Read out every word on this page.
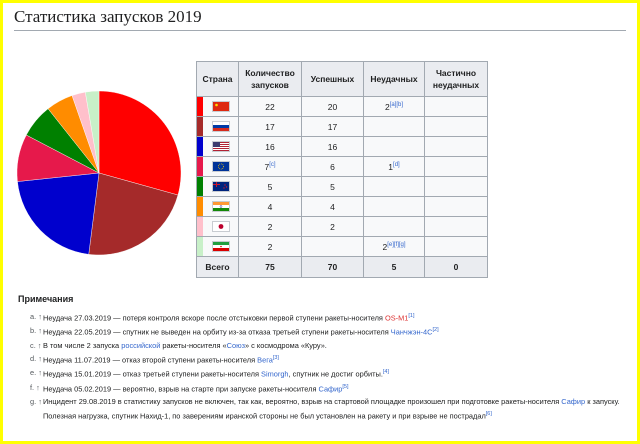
Статистика запусков 2019
Страна	Количество запусков	Успешных	Неудачных	Частично неудачных

	22	20	2[a][b]	

	17	17		

	16	16		

	7[c]	6	1[d]	

	5	5		

	4	4		

	2	2		

	2		2[e][f][g]	
Всего	75	70	5	0
Примечания
a. ↑ Неудача 27.03.2019 — потеря контроля вскоре после отстыковки первой ступени ракеты-носителя OS-M1[1]
b. ↑ Неудача 22.05.2019 — спутник не выведен на орбиту из-за отказа третьей ступени ракеты-носителя Чанчжэн-4С[2]
c. ↑ В том числе 2 запуска российской ракеты-носителя «Союз» с космодрома «Куру».
d. ↑ Неудача 11.07.2019 — отказ второй ступени ракеты-носителя Вега[3]
e. ↑ Неудача 15.01.2019 — отказ третьей ступени ракеты-носителя Simorgh, спутник не достиг орбиты.[4]
f. ↑ Неудача 05.02.2019 — вероятно, взрыв на старте при запуске ракеты-носителя Сафир[5]
g. ↑ Инцидент 29.08.2019 в статистику запусков не включен, так как, вероятно, взрыв на стартовой площадке произошел при подготовке ракеты-носителя Сафир к запуску. Полезная нагрузка, спутник Нахид-1, по заверениям иранской стороны не был установлен на ракету и при взрыве не пострадал[6]
